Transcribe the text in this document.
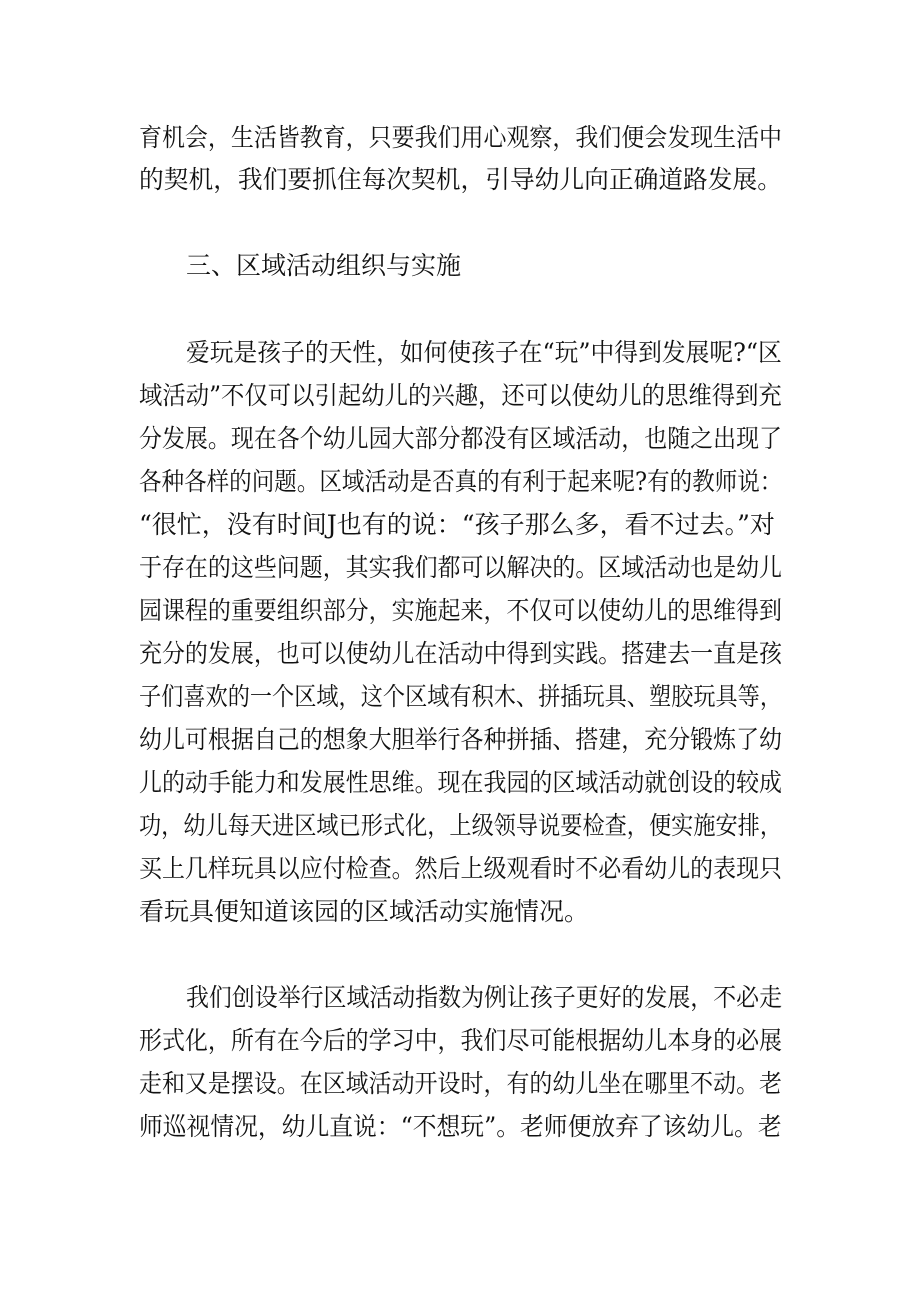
育机会，生活皆教育，只要我们用心观察，我们便会发现生活中
的契机，我们要抓住每次契机，引导幼儿向正确道路发展。
三、区域活动组织与实施
爱玩是孩子的天性，如何使孩子在“玩”中得到发展呢?“区
域活动”不仅可以引起幼儿的兴趣，还可以使幼儿的思维得到充
分发展。现在各个幼儿园大部分都没有区域活动，也随之出现了
各种各样的问题。区域活动是否真的有利于起来呢?有的教师说：
“很忙，没有时间J也有的说：“孩子那么多，看不过去。”对
于存在的这些问题，其实我们都可以解决的。区域活动也是幼儿
园课程的重要组织部分，实施起来，不仅可以使幼儿的思维得到
充分的发展，也可以使幼儿在活动中得到实践。搭建去一直是孩
子们喜欢的一个区域，这个区域有积木、拼插玩具、塑胶玩具等，
幼儿可根据自己的想象大胆举行各种拼插、搭建，充分锻炼了幼
儿的动手能力和发展性思维。现在我园的区域活动就创设的较成
功，幼儿每天进区域已形式化，上级领导说要检查，便实施安排，
买上几样玩具以应付检查。然后上级观看时不必看幼儿的表现只
看玩具便知道该园的区域活动实施情况。
我们创设举行区域活动指数为例让孩子更好的发展，不必走
形式化，所有在今后的学习中，我们尽可能根据幼儿本身的必展
走和又是摆设。在区域活动开设时，有的幼儿坐在哪里不动。老
师巡视情况，幼儿直说：“不想玩”。老师便放弃了该幼儿。老
